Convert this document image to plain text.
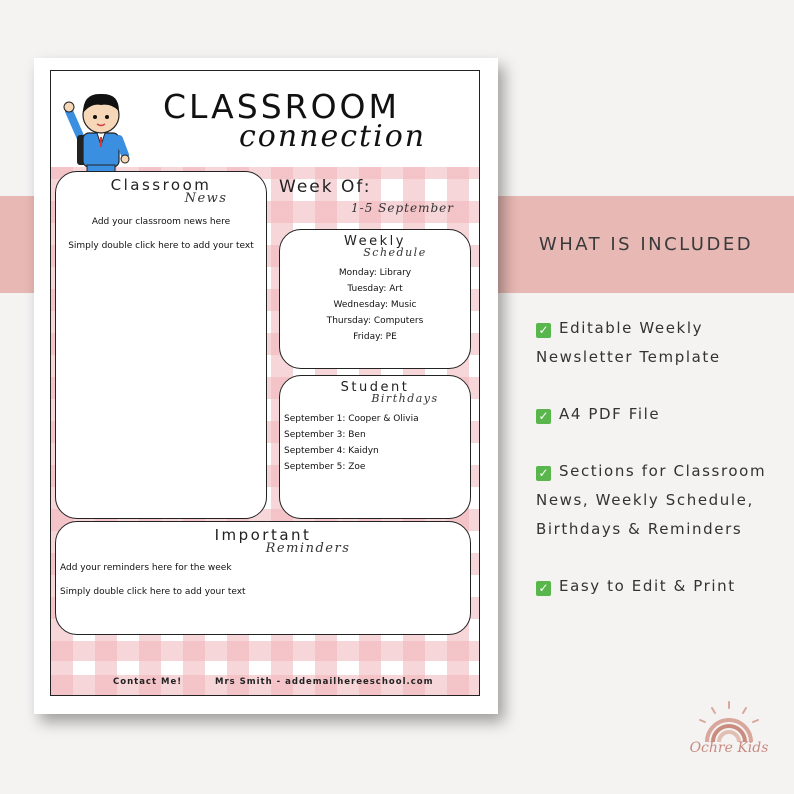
CLASSROOM
connection
Classroom
News
Add your classroom news here
Simply double click here to add your text
Week Of:
1-5 September
Weekly
Schedule
Monday: Library
Tuesday: Art
Wednesday: Music
Thursday: Computers
Friday: PE
Student
Birthdays
September 1: Cooper & Olivia
September 3: Ben
September 4: Kaidyn
September 5: Zoe
Important
Reminders
Add your reminders here for the week
Simply double click here to add your text
Contact Me!	Mrs Smith - addemailhereeschool.com
WHAT IS INCLUDED
✓ Editable Weekly Newsletter Template
✓ A4 PDF File
✓ Sections for Classroom News, Weekly Schedule, Birthdays & Reminders
✓ Easy to Edit & Print
Ochre Kids
